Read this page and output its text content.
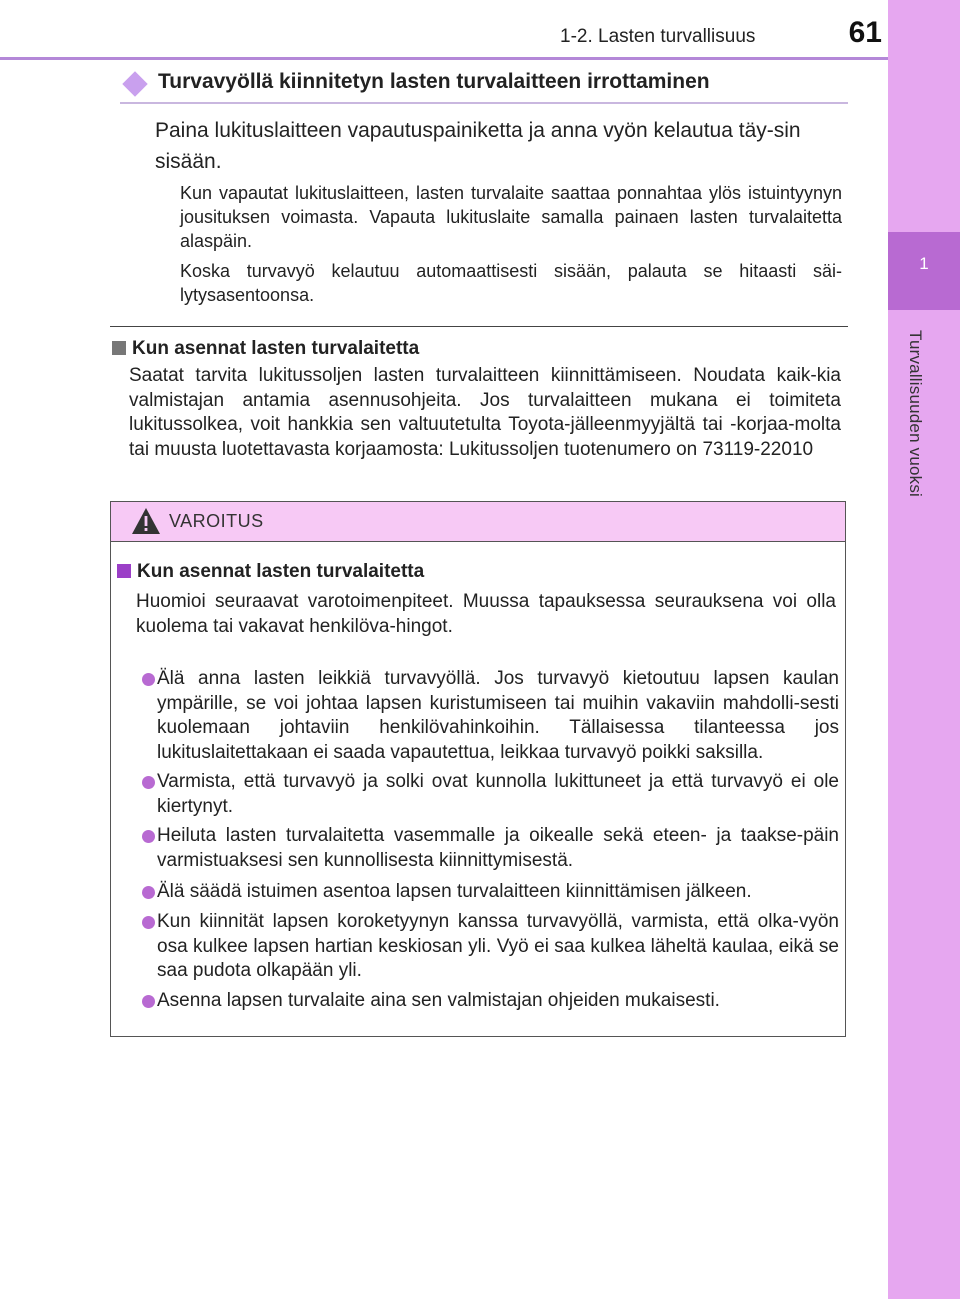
1-2. Lasten turvallisuus	61
1
Turvallisuuden vuoksi
Turvavyöllä kiinnitetyn lasten turvalaitteen irrottaminen
Paina lukituslaitteen vapautuspainiketta ja anna vyön kelautua täy-sin sisään.
Kun vapautat lukituslaitteen, lasten turvalaite saattaa ponnahtaa ylös istuintyynyn jousituksen voimasta. Vapauta lukituslaite samalla painaen lasten turvalaitetta alaspäin.
Koska turvavyö kelautuu automaattisesti sisään, palauta se hitaasti säi-lytysasentoonsa.
Kun asennat lasten turvalaitetta
Saatat tarvita lukitussoljen lasten turvalaitteen kiinnittämiseen. Noudata kaik-kia valmistajan antamia asennusohjeita. Jos turvalaitteen mukana ei toimiteta lukitussolkea, voit hankkia sen valtuutetulta Toyota-jälleenmyyjältä tai -korjaa-molta tai muusta luotettavasta korjaamosta: Lukitussoljen tuotenumero on 73119-22010
VAROITUS
Kun asennat lasten turvalaitetta
Huomioi seuraavat varotoimenpiteet. Muussa tapauksessa seurauksena voi olla kuolema tai vakavat henkilöva-hingot.
Älä anna lasten leikkiä turvavyöllä. Jos turvavyö kietoutuu lapsen kaulan ympärille, se voi johtaa lapsen kuristumiseen tai muihin vakaviin mahdolli-sesti kuolemaan johtaviin henkilövahinkoihin. Tällaisessa tilanteessa jos lukituslaitettakaan ei saada vapautettua, leikkaa turvavyö poikki saksilla.
Varmista, että turvavyö ja solki ovat kunnolla lukittuneet ja että turvavyö ei ole kiertynyt.
Heiluta lasten turvalaitetta vasemmalle ja oikealle sekä eteen- ja taakse-päin varmistuaksesi sen kunnollisesta kiinnittymisestä.
Älä säädä istuimen asentoa lapsen turvalaitteen kiinnittämisen jälkeen.
Kun kiinnität lapsen koroketyynyn kanssa turvavyöllä, varmista, että olka-vyön osa kulkee lapsen hartian keskiosan yli. Vyö ei saa kulkea läheltä kaulaa, eikä se saa pudota olkapään yli.
Asenna lapsen turvalaite aina sen valmistajan ohjeiden mukaisesti.
